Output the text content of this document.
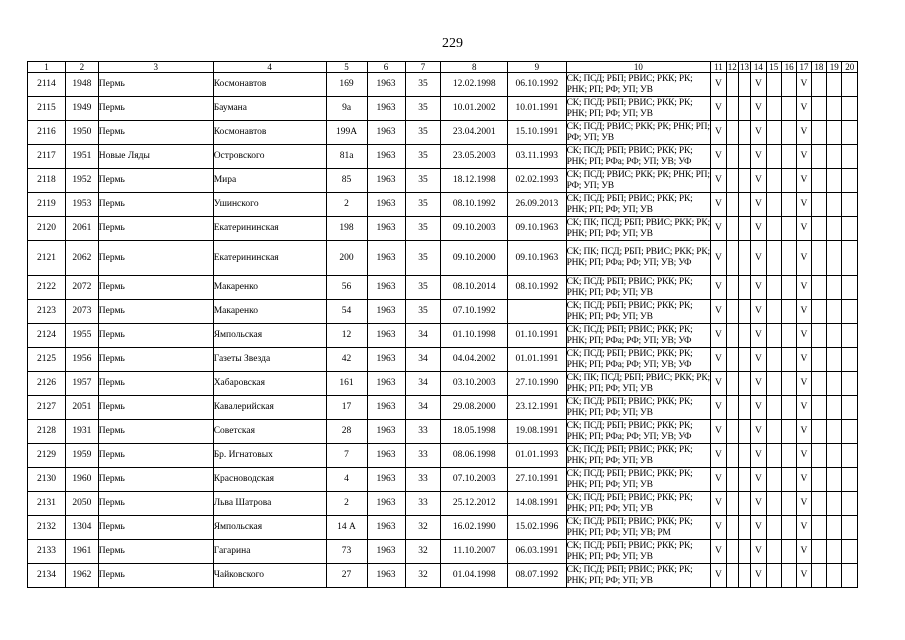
229
1	2	3	4	5	6	7	8	9	10	11	12	13	14	15	16	17	18	19	20
2114	1948	Пермь	Космонавтов	169	1963	35	12.02.1998	06.10.1992	СК; ПСД; РБП; РВИС; РКК; РК; РНК; РП; РФ; УП; УВ	V			V			V			
2115	1949	Пермь	Баумана	9а	1963	35	10.01.2002	10.01.1991	СК; ПСД; РБП; РВИС; РКК; РК; РНК; РП; РФ; УП; УВ	V			V			V			
2116	1950	Пермь	Космонавтов	199А	1963	35	23.04.2001	15.10.1991	СК; ПСД; РВИС; РКК; РК; РНК; РП; РФ; УП; УВ	V			V			V			
2117	1951	Новые Ляды	Островского	81а	1963	35	23.05.2003	03.11.1993	СК; ПСД; РБП; РВИС; РКК; РК; РНК; РП; РФа; РФ; УП; УВ; УФ	V			V			V			
2118	1952	Пермь	Мира	85	1963	35	18.12.1998	02.02.1993	СК; ПСД; РВИС; РКК; РК; РНК; РП; РФ; УП; УВ	V			V			V			
2119	1953	Пермь	Ушинского	2	1963	35	08.10.1992	26.09.2013	СК; ПСД; РБП; РВИС; РКК; РК; РНК; РП; РФ; УП; УВ	V			V			V			
2120	2061	Пермь	Екатерининская	198	1963	35	09.10.2003	09.10.1963	СК; ПК; ПСД; РБП; РВИС; РКК; РК; РНК; РП; РФ; УП; УВ	V			V			V			
2121	2062	Пермь	Екатерининская	200	1963	35	09.10.2000	09.10.1963	СК; ПК; ПСД; РБП; РВИС; РКК; РК; РНК; РП; РФа; РФ; УП; УВ; УФ	V			V			V			
2122	2072	Пермь	Макаренко	56	1963	35	08.10.2014	08.10.1992	СК; ПСД; РБП; РВИС; РКК; РК; РНК; РП; РФ; УП; УВ	V			V			V			
2123	2073	Пермь	Макаренко	54	1963	35	07.10.1992		СК; ПСД; РБП; РВИС; РКК; РК; РНК; РП; РФ; УП; УВ	V			V			V			
2124	1955	Пермь	Ямпольская	12	1963	34	01.10.1998	01.10.1991	СК; ПСД; РБП; РВИС; РКК; РК; РНК; РП; РФа; РФ; УП; УВ; УФ	V			V			V			
2125	1956	Пермь	Газеты Звезда	42	1963	34	04.04.2002	01.01.1991	СК; ПСД; РБП; РВИС; РКК; РК; РНК; РП; РФа; РФ; УП; УВ; УФ	V			V			V			
2126	1957	Пермь	Хабаровская	161	1963	34	03.10.2003	27.10.1990	СК; ПК; ПСД; РБП; РВИС; РКК; РК; РНК; РП; РФ; УП; УВ	V			V			V			
2127	2051	Пермь	Кавалерийская	17	1963	34	29.08.2000	23.12.1991	СК; ПСД; РБП; РВИС; РКК; РК; РНК; РП; РФ; УП; УВ	V			V			V			
2128	1931	Пермь	Советская	28	1963	33	18.05.1998	19.08.1991	СК; ПСД; РБП; РВИС; РКК; РК; РНК; РП; РФа; РФ; УП; УВ; УФ	V			V			V			
2129	1959	Пермь	Бр. Игнатовых	7	1963	33	08.06.1998	01.01.1993	СК; ПСД; РБП; РВИС; РКК; РК; РНК; РП; РФ; УП; УВ	V			V			V			
2130	1960	Пермь	Красноводская	4	1963	33	07.10.2003	27.10.1991	СК; ПСД; РБП; РВИС; РКК; РК; РНК; РП; РФ; УП; УВ	V			V			V			
2131	2050	Пермь	Льва Шатрова	2	1963	33	25.12.2012	14.08.1991	СК; ПСД; РБП; РВИС; РКК; РК; РНК; РП; РФ; УП; УВ	V			V			V			
2132	1304	Пермь	Ямпольская	14 А	1963	32	16.02.1990	15.02.1996	СК; ПСД; РБП; РВИС; РКК; РК; РНК; РП; РФ; УП; УВ; РМ	V			V			V			
2133	1961	Пермь	Гагарина	73	1963	32	11.10.2007	06.03.1991	СК; ПСД; РБП; РВИС; РКК; РК; РНК; РП; РФ; УП; УВ	V			V			V			
2134	1962	Пермь	Чайковского	27	1963	32	01.04.1998	08.07.1992	СК; ПСД; РБП; РВИС; РКК; РК; РНК; РП; РФ; УП; УВ	V			V			V			
